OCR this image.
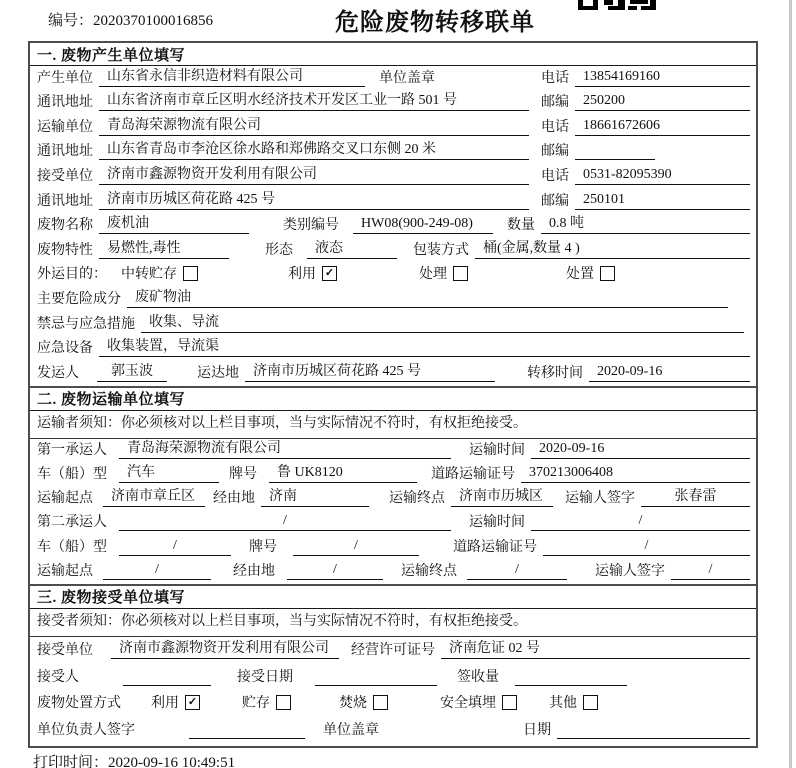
编号：2020370100016856	危险废物转移联单
一. 废物产生单位填写
产生单位	山东省永信非织造材料有限公司	单位盖章	电话	13854169160
通讯地址	山东省济南市章丘区明水经济技术开发区工业一路 501 号	邮编	250200
运输单位	青岛海荣源物流有限公司	电话	18661672606
通讯地址	山东省青岛市李沧区徐水路和郑佛路交叉口东侧 20 米	邮编
接受单位	济南市鑫源物资开发利用有限公司	电话	0531-82095390
通讯地址	济南市历城区荷花路 425 号	邮编	250101
废物名称	废机油	类别编号	HW08(900-249-08)	数量	0.8 吨
废物特性	易燃性,毒性	形态	液态	包装方式	桶(金属,数量 4 )
外运目的： 中转贮存	利用 ✓	处理	处置
主要危险成分	废矿物油
禁忌与应急措施	收集、导流
应急设备	收集装置，导流渠
发运人	郭玉波	运达地	济南市历城区荷花路 425 号	转移时间	2020-09-16
二. 废物运输单位填写
运输者须知：你必须核对以上栏目事项，当与实际情况不符时，有权拒绝接受。
第一承运人	青岛海荣源物流有限公司	运输时间	2020-09-16
车（船）型	汽车	牌号	鲁 UK8120	道路运输证号	370213006408
运输起点	济南市章丘区	经由地	济南	运输终点	济南市历城区	运输人签字	张春雷
第二承运人	/	运输时间	/
车（船）型	/	牌号	/	道路运输证号	/
运输起点	/	经由地	/	运输终点	/	运输人签字	/
三. 废物接受单位填写
接受者须知：你必须核对以上栏目事项，当与实际情况不符时，有权拒绝接受。
接受单位	济南市鑫源物资开发利用有限公司	经营许可证号	济南危证 02 号
接受人	接受日期	签收量
废物处置方式 利用 ✓	贮存	焚烧	安全填埋	其他
单位负责人签字	单位盖章	日期
打印时间：2020-09-16 10:49:51
